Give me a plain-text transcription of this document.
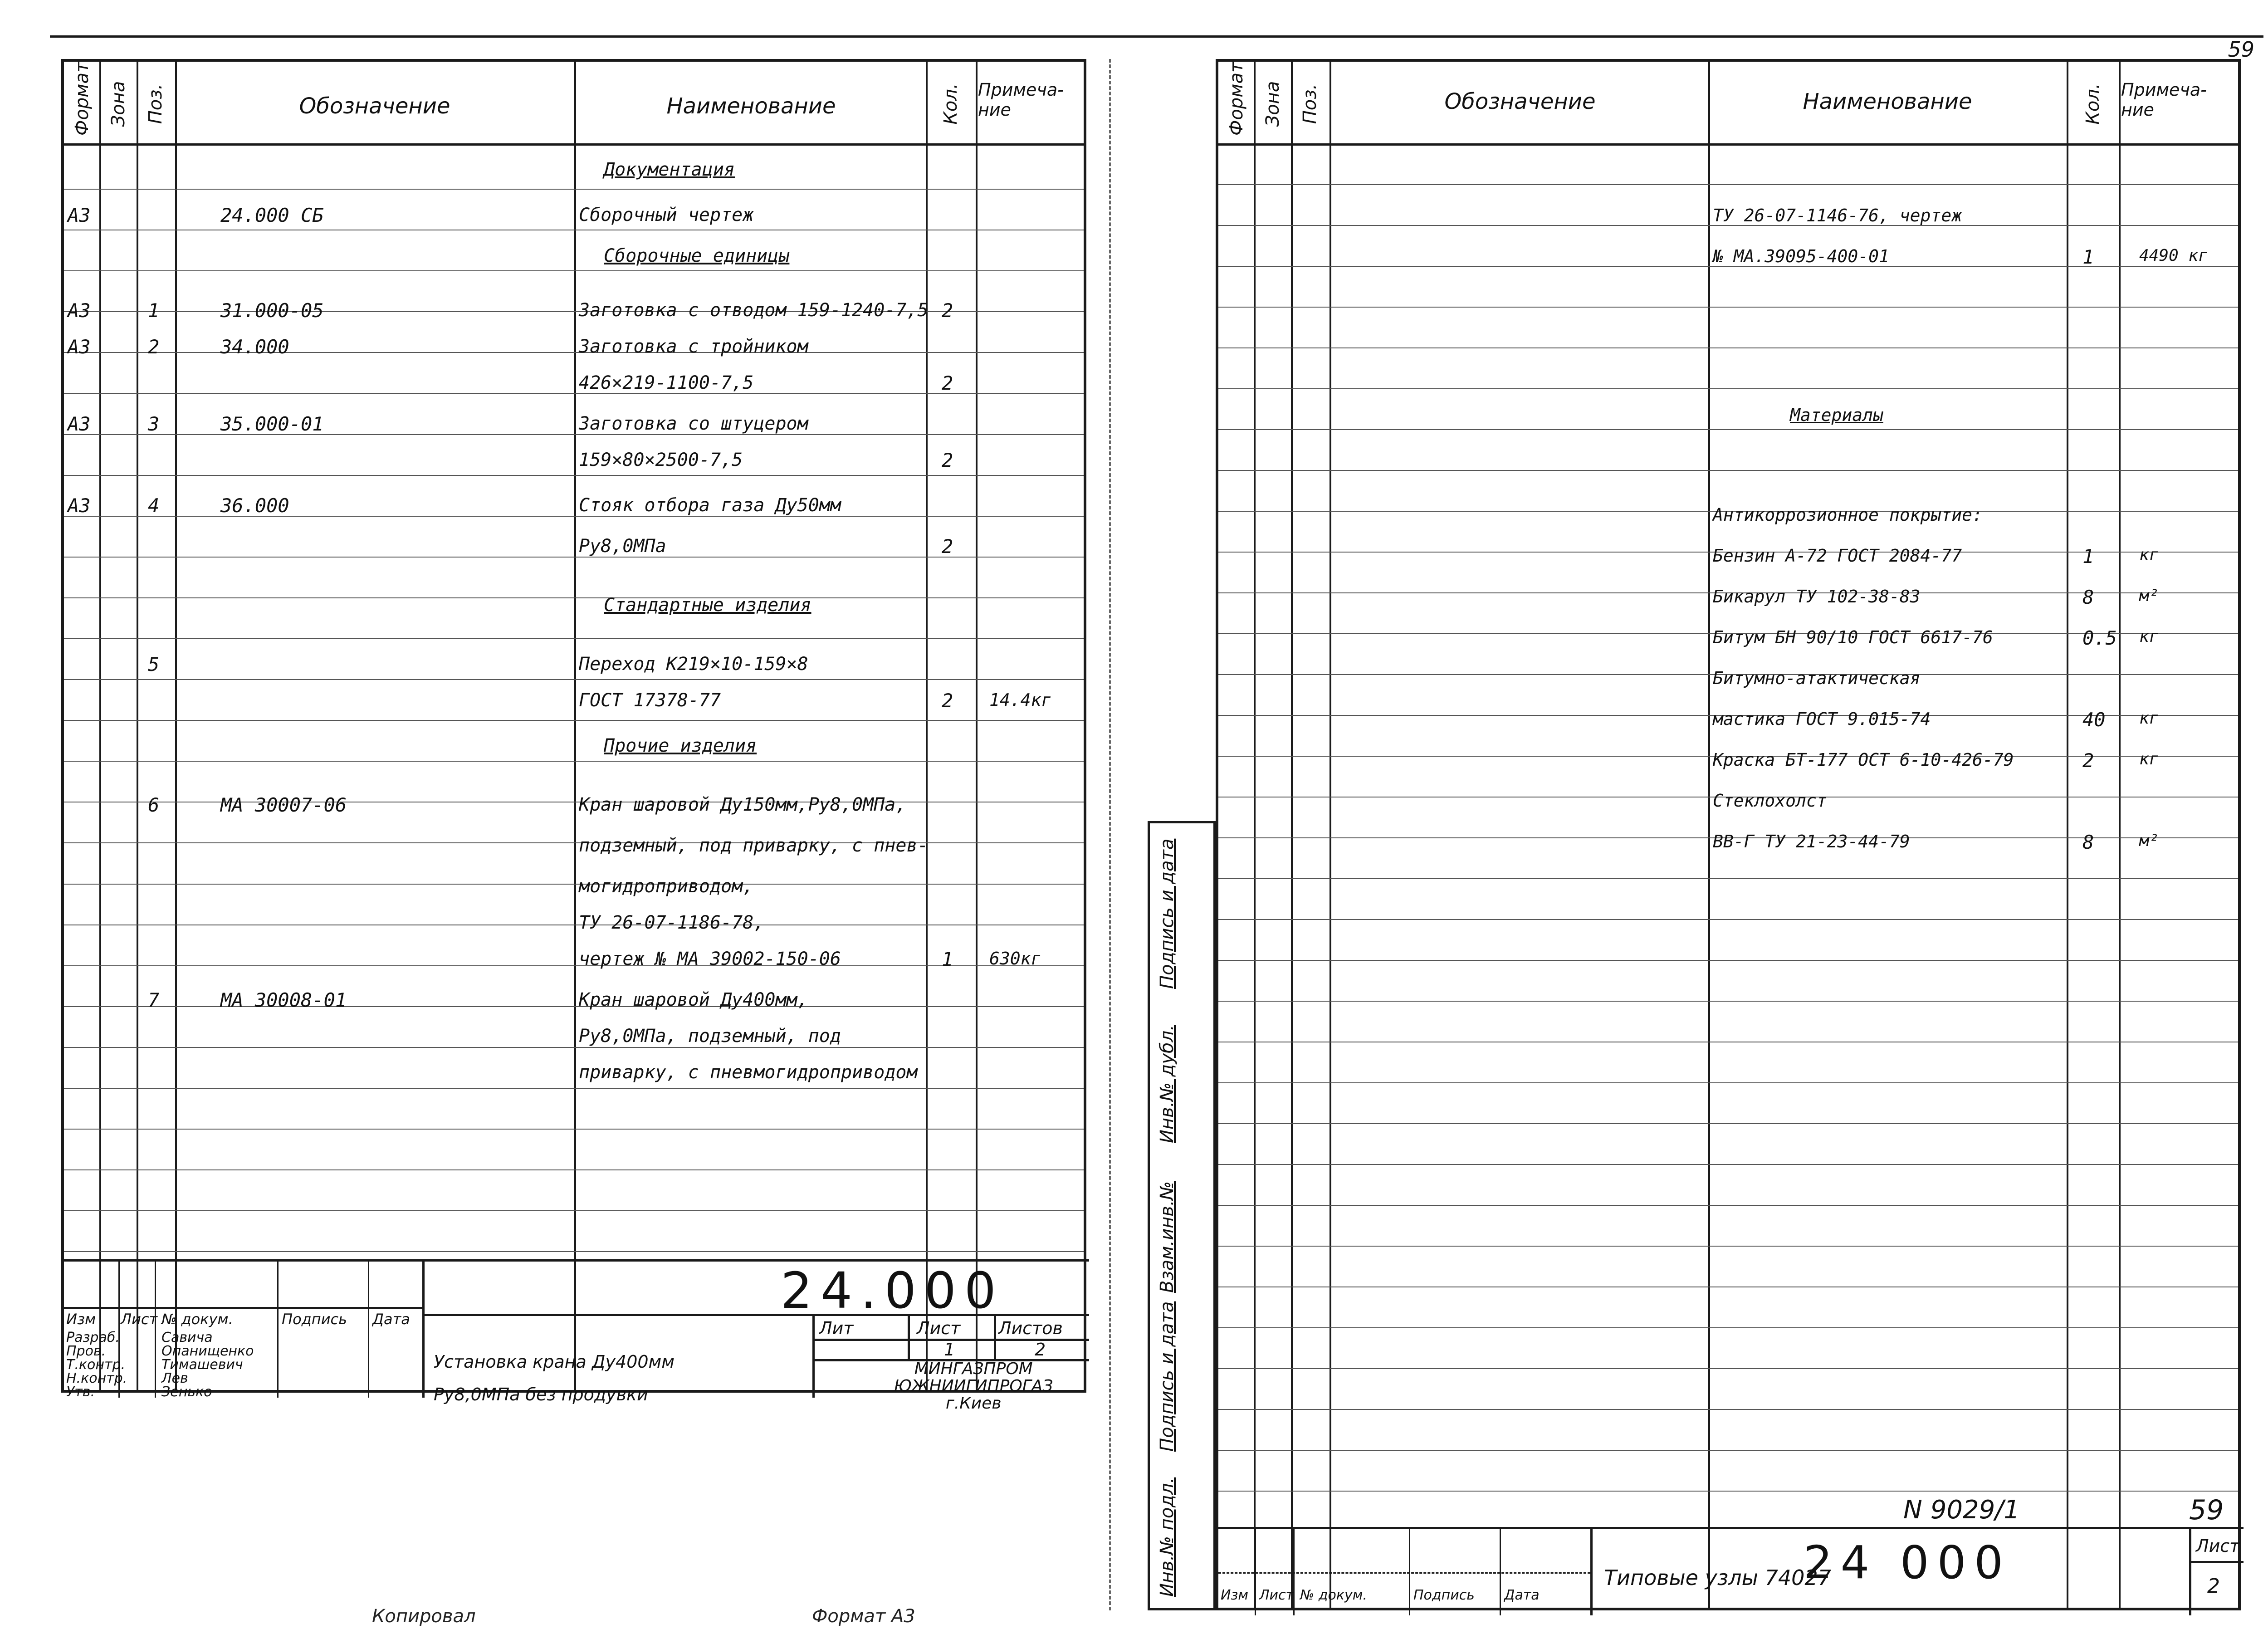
59
Формат Зона Поз.	Обозначение	Наименование	Кол. Примеча-
ние
Документация
A3	24.000 СБ	Сборочный чертеж
Сборочные единицы
A3	1	31.000-05	Заготовка с отводом 159-1240-7,5 2
A3	2	34.000	Заготовка с тройником
426×219-1100-7,5	2
A3	3	35.000-01	Заготовка со штуцером
159×80×2500-7,5	2
A3	4	36.000	Стояк отбора газа Ду50мм
Ру8,0МПа	2
Стандартные изделия
5	Переход К219×10-159×8
ГОСТ 17378-77	2 14.4кг
Прочие изделия
6	МА 30007-06	Кран шаровой Ду150мм,Ру8,0МПа,
подземный, под приварку, с пнев-
могидроприводом,
ТУ 26-07-1186-78,
чертеж № МА 39002-150-06	1 630кг
7	МА 30008-01	Кран шаровой Ду400мм,
Ру8,0МПа, подземный, под
приварку, с пневмогидроприводом
24.000
Изм Лист № докум.	Подпись Дата
Разраб.	Савича
Пров.	Опанищенко
Т.контр.	Тимашевич
Н.контр.	Лев
Утв.	Зенько
Установка крана Ду400мм
Ру8,0МПа без продувки
Лит	Лист Листов
1	2
МИНГАЗПРОМ
ЮЖНИИГИПРОГАЗ
г.Киев
Инв.№ подл.
Подпись и дата
Взам.инв.№
Инв.№ дубл.
Подпись и дата
Формат Зона Поз.	Обозначение	Наименование	Кол. Примеча-
ние
ТУ 26-07-1146-76, чертеж
№ МА.39095-400-01	1	4490 кг
Материалы
Антикоррозионное покрытие:
Бензин А-72 ГОСТ 2084-77	1	кг
Бикарул ТУ 102-38-83	8	м²
Битум БН 90/10 ГОСТ 6617-76	0.5 кг
Битумно-атактическая
мастика ГОСТ 9.015-74	40 кг
Краска БТ-177 ОСТ 6-10-426-79	2	кг
Стеклохолст
ВВ-Г ТУ 21-23-44-79	8	м²
N 9029/1	59
24 000
Типовые узлы 74027
Лист
2
Изм Лист № докум.	Подпись Дата
Копировал	Формат А3
